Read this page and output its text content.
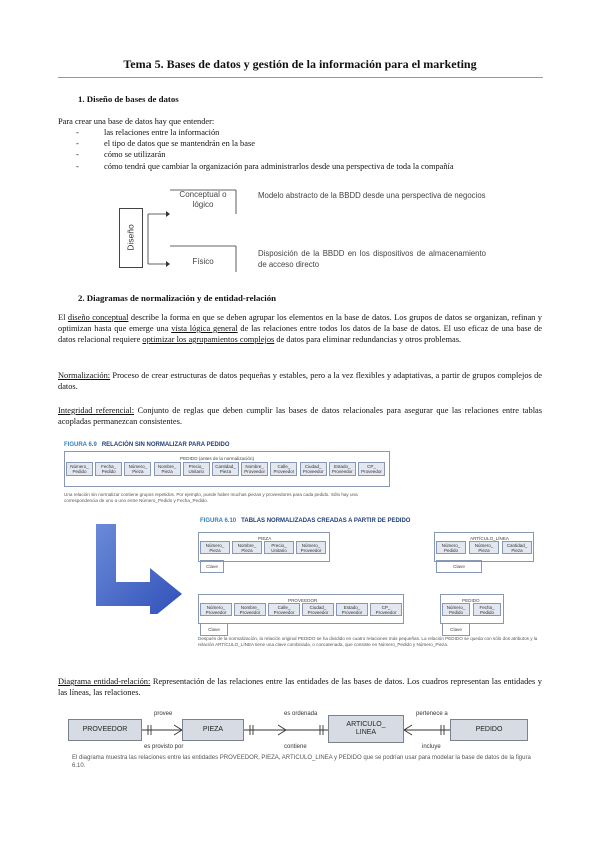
Tema 5. Bases de datos y gestión de la información para el marketing
1. Diseño de bases de datos
Para crear una base de datos hay que entender:
- las relaciones entre la información
- el tipo de datos que se mantendrán en la base
- cómo se utilizarán
- cómo tendrá que cambiar la organización para administrarlos desde una perspectiva de toda la compañía
Diseño
Conceptual o lógico
Modelo abstracto de la BBDD desde una perspectiva de negocios
Físico
Disposición de la BBDD en los dispositivos de almacenamiento de acceso directo
2. Diagramas de normalización y de entidad-relación

El diseño conceptual describe la forma en que se deben agrupar los elementos en la base de datos. Los grupos de datos se organizan, refinan y optimizan hasta que emerge una vista lógica general de las relaciones entre todos los datos de la base de datos. El uso eficaz de una base de datos relacional requiere optimizar los agrupamientos complejos de datos para eliminar redundancias y otros problemas.

Normalización: Proceso de crear estructuras de datos pequeñas y estables, pero a la vez flexibles y adaptativas, a partir de grupos complejos de datos.

Integridad referencial: Conjunto de reglas que deben cumplir las bases de datos relacionales para asegurar que las relaciones entre tablas acopladas permanezcan consistentes.

FIGURA 6.9 RELACIÓN SIN NORMALIZAR PARA PEDIDO
PEDIDO (antes de la normalización)
Número_ Pedido
Fecha_ Pedido
Número_ Pieza
Nombre_ Pieza
Precio_ Unitario
Cantidad_ Pieza
Nombre_ Proveedor
Calle_ Proveedor
Ciudad_ Proveedor
Estado_ Proveedor
CP_ Proveedor
Una relación sin normalizar contiene grupos repetidos. Por ejemplo, puede haber muchas piezas y proveedores para cada pedido. Sólo hay una correspondencia de uno a uno entre Número_Pedido y Fecha_Pedido.
FIGURA 6.10 TABLAS NORMALIZADAS CREADAS A PARTIR DE PEDIDO
PIEZA
Número_ Pieza
Nombre_ Pieza
Precio_ Unitario
Número_ Proveedor
Clave
ARTÍCULO_LÍNEA
Número_ Pedido
Número_ Pieza
Cantidad_ Pieza
Clave
PROVEEDOR
Número_ Proveedor
Nombre_ Proveedor
Calle_ Proveedor
Ciudad_ Proveedor
Estado_ Proveedor
CP_ Proveedor
Clave
PEDIDO
Número_ Pedido
Fecha_ Pedido
Clave
Después de la normalización, la relación original PEDIDO se ha dividido en cuatro relaciones más pequeñas. La relación PEDIDO se queda con sólo dos atributos y la relación ARTÍCULO_LÍNEA tiene una clave combinada, o concatenada, que consiste en Número_Pedido y Número_Pieza.

Diagrama entidad-relación: Representación de las relaciones entre las entidades de las bases de datos. Los cuadros representan las entidades y las líneas, las relaciones.

PROVEEDOR	PIEZA
ARTICULO_ LINEA	PEDIDO
provee	es ordenada	pertenece a
es provisto por	contiene	incluye
El diagrama muestra las relaciones entre las entidades PROVEEDOR, PIEZA, ARTICULO_LINEA y PEDIDO que se podrían usar para modelar la base de datos de la figura 6.10.
